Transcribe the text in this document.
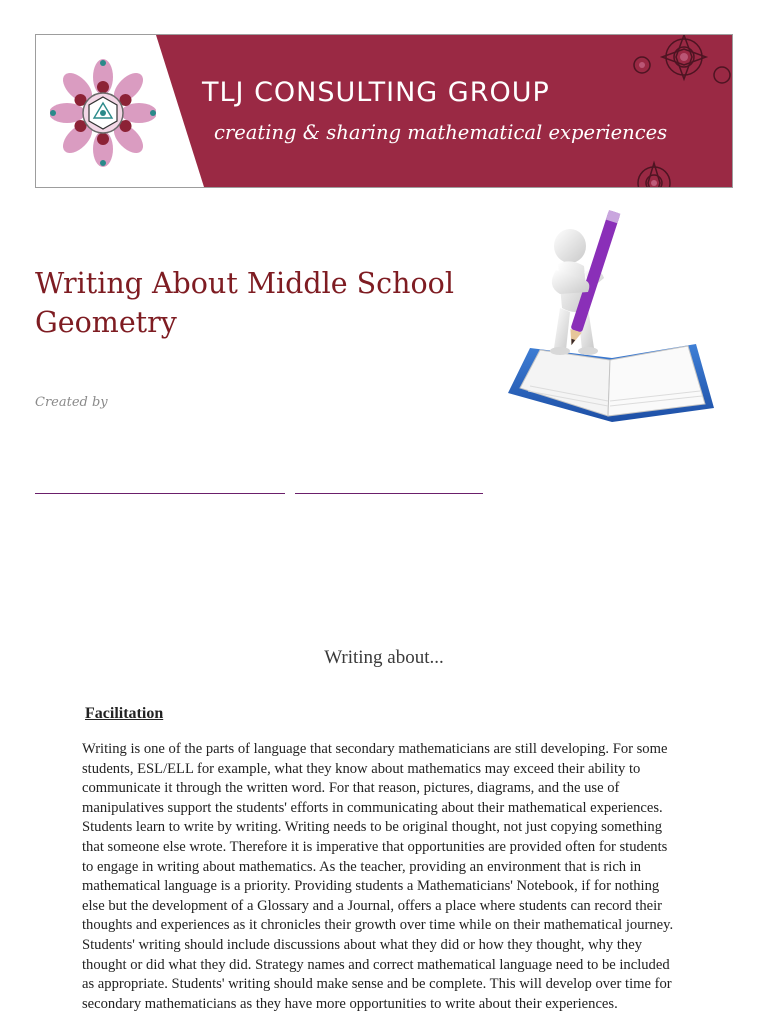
TLJ CONSULTING GROUP
creating & sharing mathematical experiences
Writing About Middle School Geometry
Created by
Writing about...
Facilitation

Writing is one of the parts of language that secondary mathematicians are still developing. For some students, ESL/ELL for example, what they know about mathematics may exceed their ability to communicate it through the written word. For that reason, pictures, diagrams, and the use of manipulatives support the students' efforts in communicating about their mathematical experiences. Students learn to write by writing. Writing needs to be original thought, not just copying something that someone else wrote. Therefore it is imperative that opportunities are provided often for students to engage in writing about mathematics. As the teacher, providing an environment that is rich in mathematical language is a priority. Providing students a Mathematicians' Notebook, if for nothing else but the development of a Glossary and a Journal, offers a place where students can record their thoughts and experiences as it chronicles their growth over time while on their mathematical journey. Students' writing should include discussions about what they did or how they thought, why they thought or did what they did. Strategy names and correct mathematical language need to be included as appropriate. Students' writing should make sense and be complete. This will develop over time for secondary mathematicians as they have more opportunities to write about their experiences.
